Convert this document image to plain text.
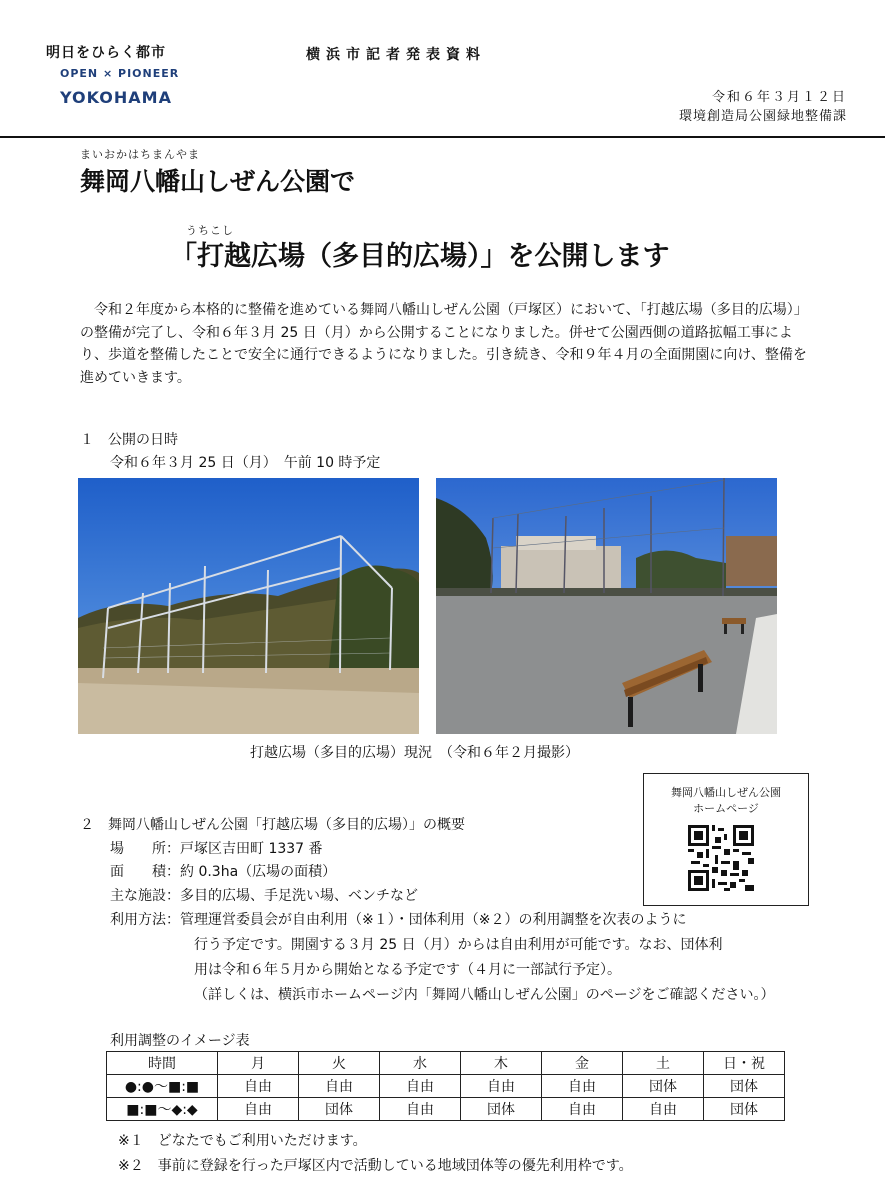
明日をひらく都市
OPEN × PIONEER
YOKOHAMA
横浜市記者発表資料
令和６年３月１２日
環境創造局公園緑地整備課
まいおかはちまんやま
舞岡八幡山しぜん公園で
うちこし
「打越広場（多目的広場）」を公開します
令和２年度から本格的に整備を進めている舞岡八幡山しぜん公園（戸塚区）において、「打越広場（多目的広場）」の整備が完了し、令和６年３月 25 日（月）から公開することになりました。併せて公園西側の道路拡幅工事により、歩道を整備したことで安全に通行できるようになりました。引き続き、令和９年４月の全面開園に向け、整備を進めていきます。
１　公開の日時
令和６年３月 25 日（月）　午前 10 時予定
打越広場（多目的広場）現況　（令和６年２月撮影）
舞岡八幡山しぜん公園
ホームページ
２　舞岡八幡山しぜん公園「打越広場（多目的広場）」の概要
場　　所：戸塚区吉田町 1337 番
面　　積：約 0.3ha（広場の面積）
主な施設：多目的広場、手足洗い場、ベンチなど
利用方法：管理運営委員会が自由利用（※１）・団体利用（※２）の利用調整を次表のように
行う予定です。開園する３月 25 日（月）からは自由利用が可能です。なお、団体利
用は令和６年５月から開始となる予定です（４月に一部試行予定）。
（詳しくは、横浜市ホームページ内「舞岡八幡山しぜん公園」のページをご確認ください。）
利用調整のイメージ表
時間	月	火	水	木	金	土	日・祝
●:●～■:■	自由	自由	自由	自由	自由	団体	団体
■:■～◆:◆	自由	団体	自由	団体	自由	自由	団体
※１　どなたでもご利用いただけます。
※２　事前に登録を行った戸塚区内で活動している地域団体等の優先利用枠です。
